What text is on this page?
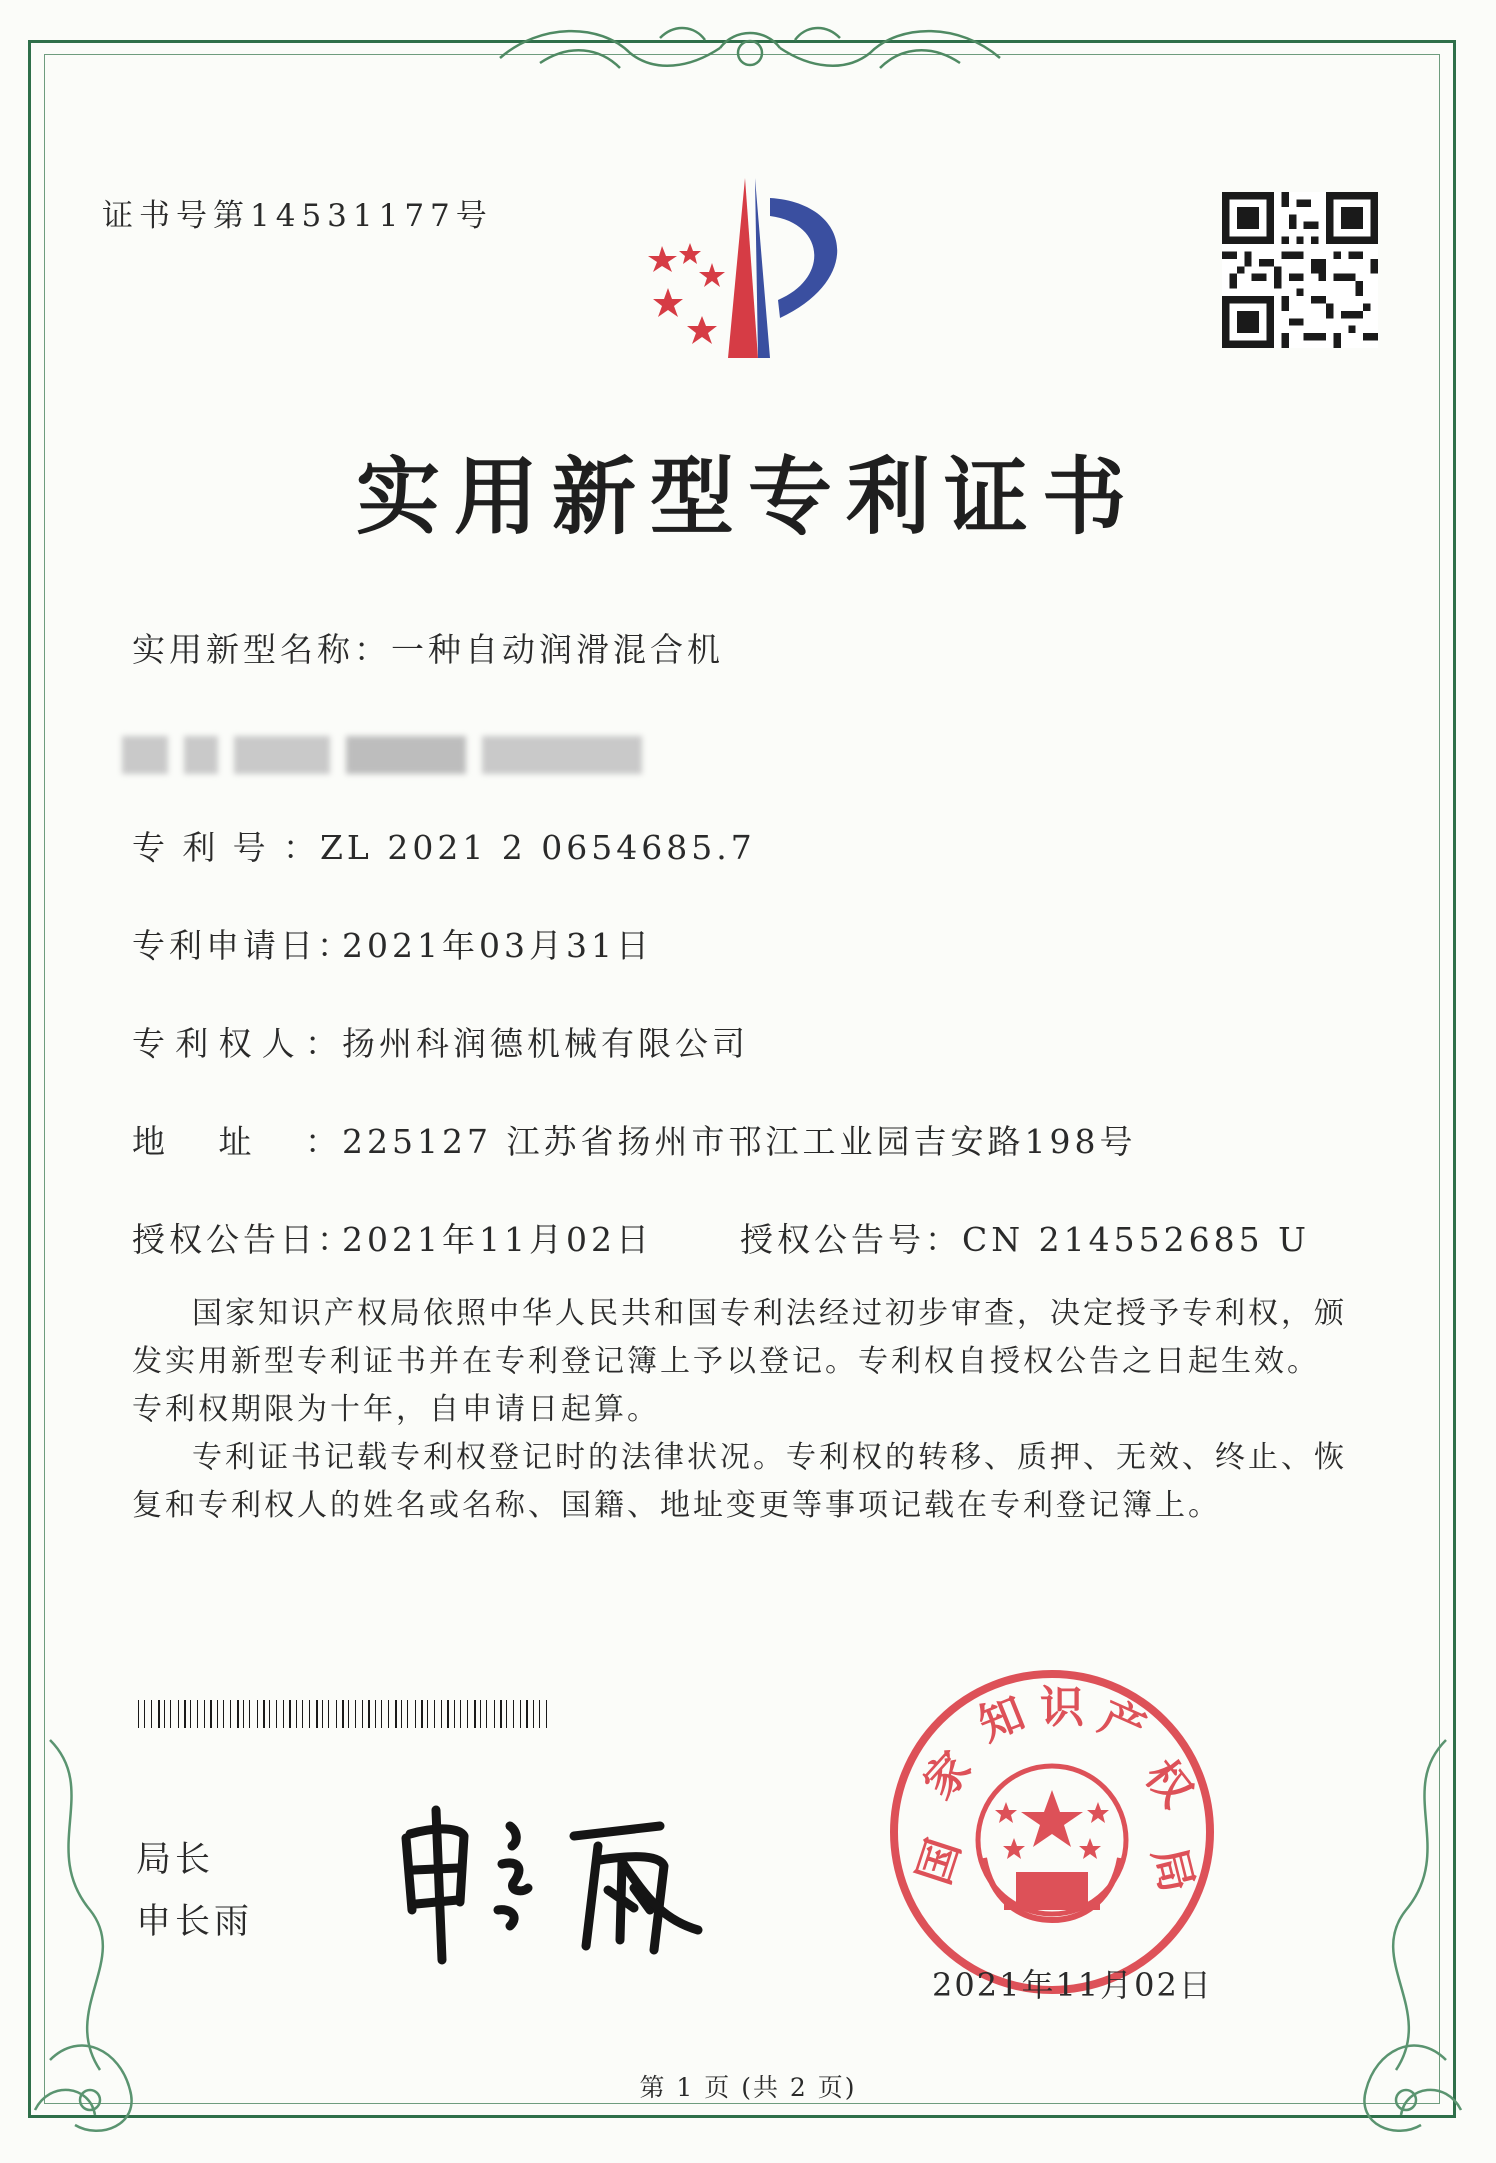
证书号第14531177号
实用新型专利证书
实用新型名称：一种自动润滑混合机
专利号：ZL 2021 2 0654685.7
专利申请日：2021年03月31日
专利权人：扬州科润德机械有限公司
地址：225127 江苏省扬州市邗江工业园吉安路198号
授权公告日：2021年11月02日	授权公告号：CN 214552685 U

国家知识产权局依照中华人民共和国专利法经过初步审查，决定授予专利权，颁发实用新型专利证书并在专利登记簿上予以登记。专利权自授权公告之日起生效。专利权期限为十年，自申请日起算。

专利证书记载专利权登记时的法律状况。专利权的转移、质押、无效、终止、恢复和专利权人的姓名或名称、国籍、地址变更等事项记载在专利登记簿上。

局长
申长雨
国
家
知 识 产
权
局
2021年11月02日
第 1 页 (共 2 页)
